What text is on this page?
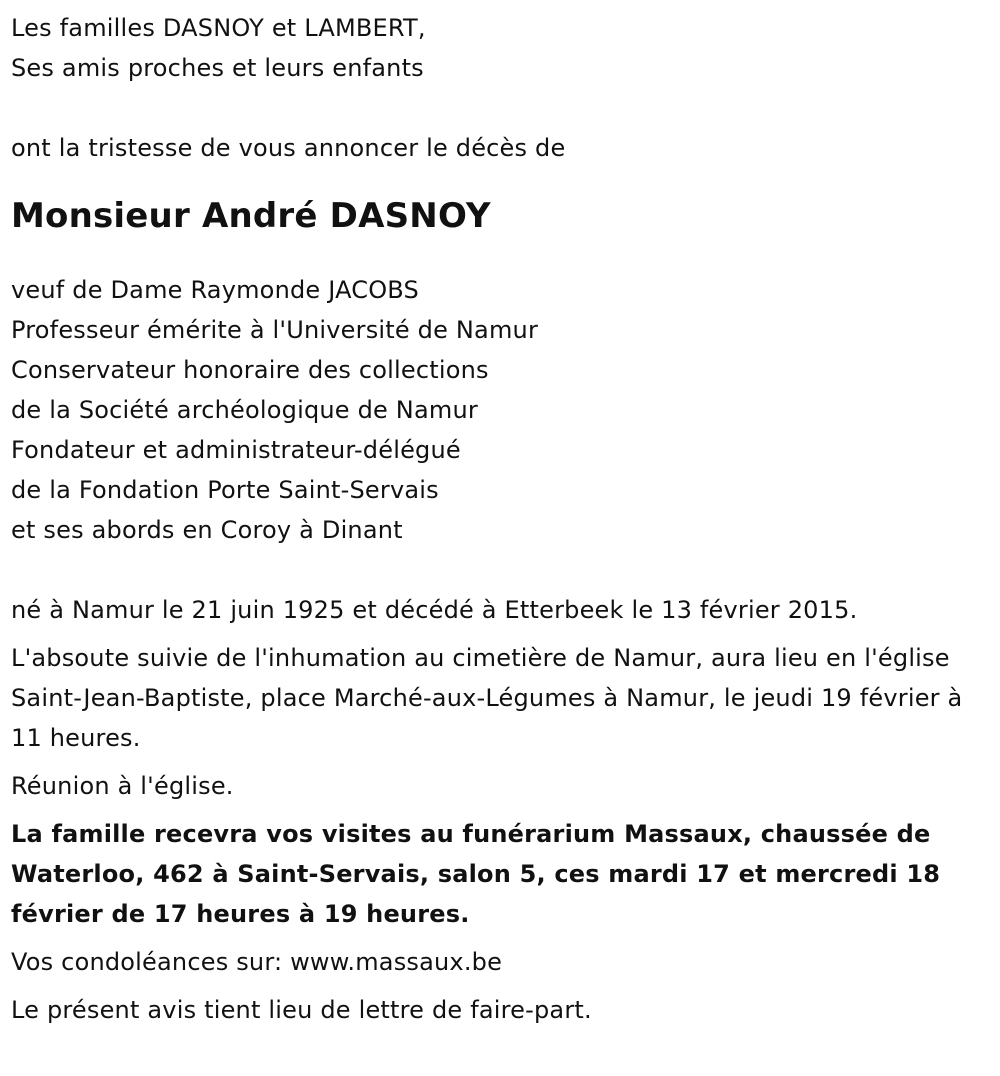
Les familles DASNOY et LAMBERT,
Ses amis proches et leurs enfants
ont la tristesse de vous annoncer le décès de
Monsieur André DASNOY
veuf de Dame Raymonde JACOBS
Professeur émérite à l'Université de Namur
Conservateur honoraire des collections
de la Société archéologique de Namur
Fondateur et administrateur-délégué
de la Fondation Porte Saint-Servais
et ses abords en Coroy à Dinant
né à Namur le 21 juin 1925 et décédé à Etterbeek le 13 février 2015.
L'absoute suivie de l'inhumation au cimetière de Namur, aura lieu en l'église Saint-Jean-Baptiste, place Marché-aux-Légumes à Namur, le jeudi 19 février à 11 heures.
Réunion à l'église.
La famille recevra vos visites au funérarium Massaux, chaussée de Waterloo, 462 à Saint-Servais, salon 5, ces mardi 17 et mercredi 18 février de 17 heures à 19 heures.
Vos condoléances sur: www.massaux.be
Le présent avis tient lieu de lettre de faire-part.
